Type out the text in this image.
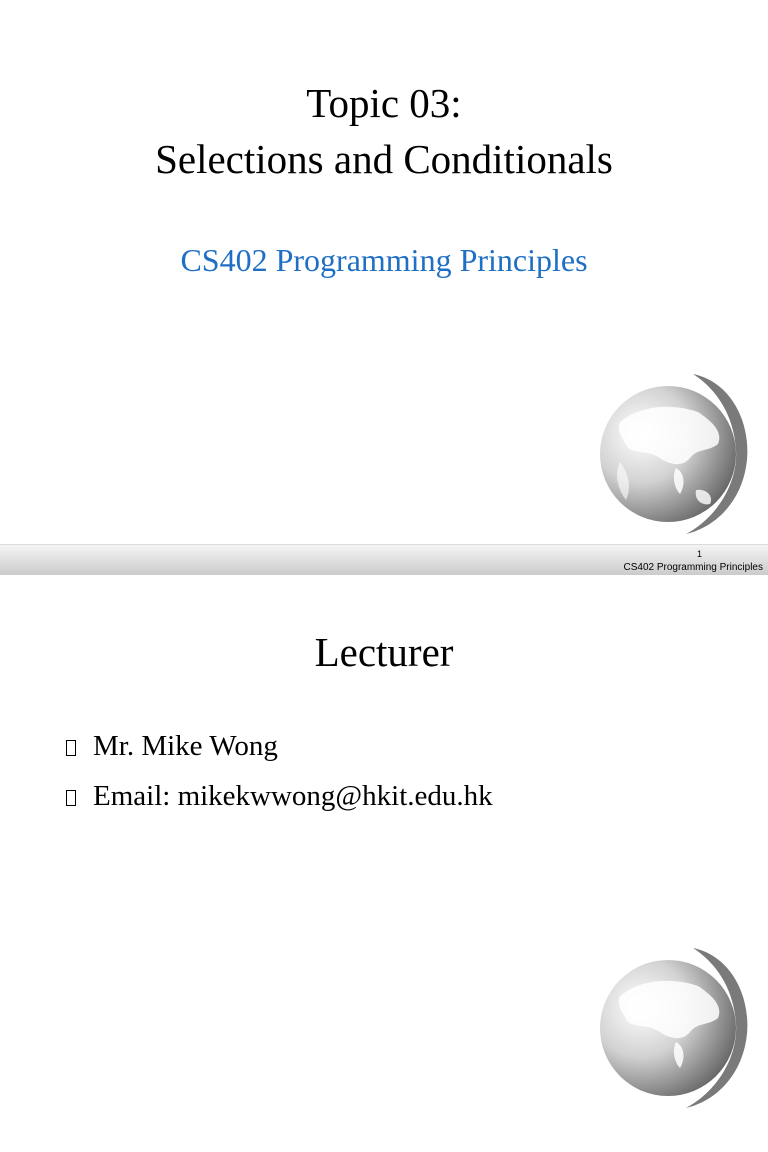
Topic 03:
Selections and Conditionals
CS402 Programming Principles
1
CS402 Programming Principles
Lecturer
Mr. Mike Wong
Email: mikekwwong@hkit.edu.hk
